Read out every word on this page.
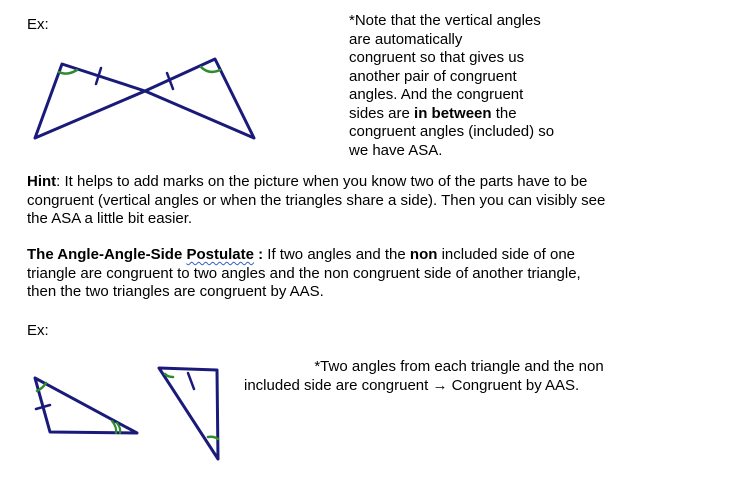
Ex:	*Note that the vertical angles
are automatically
congruent so that gives us
another pair of congruent
angles. And the congruent
sides are in between the
congruent angles (included) so
we have ASA.
Hint: It helps to add marks on the picture when you know two of the parts have to be
congruent (vertical angles or when the triangles share a side). Then you can visibly see
the ASA a little bit easier.
The Angle-Angle-Side Postulate : If two angles and the non included side of one
triangle are congruent to two angles and the non congruent side of another triangle,
then the two triangles are congruent by AAS.
Ex:
*Two angles from each triangle and the non
included side are congruent → Congruent by AAS.
